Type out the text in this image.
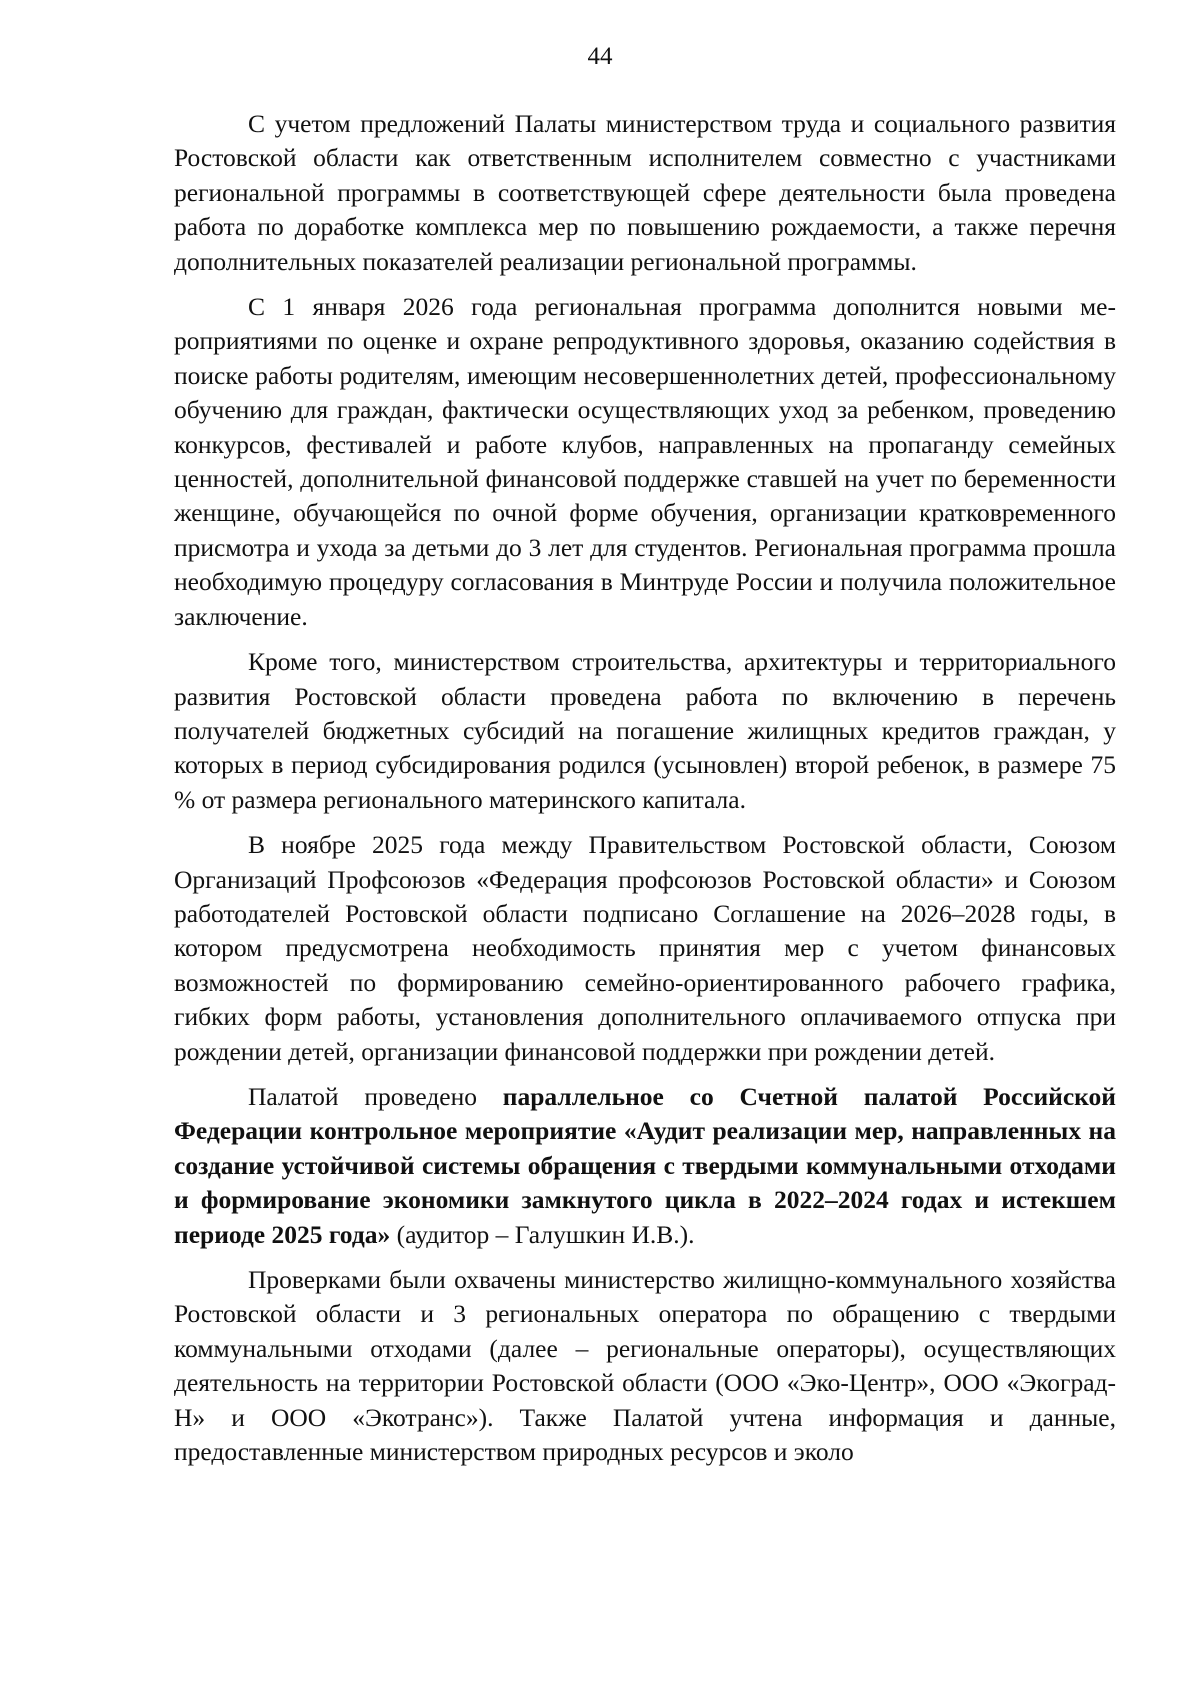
44

С учетом предложений Палаты министерством труда и социального развития Ростовской области как ответственным исполнителем совместно с участниками региональной программы в соответствующей сфере деятельности была проведена работа по доработке комплекса мер по повышению рождаемости, а также перечня дополнительных показателей реализации региональной программы.

С 1 января 2026 года региональная программа дополнится новыми мероприятиями по оценке и охране репродуктивного здоровья, оказанию содействия в поиске работы родителям, имеющим несовершеннолетних детей, профессиональному обучению для граждан, фактически осуществляющих уход за ребенком, проведению конкурсов, фестивалей и работе клубов, направленных на пропаганду семейных ценностей, дополнительной финансовой поддержке ставшей на учет по беременности женщине, обучающейся по очной форме обучения, организации кратковременного присмотра и ухода за детьми до 3 лет для студентов. Региональная программа прошла необходимую процедуру согласования в Минтруде России и получила положительное заключение.

Кроме того, министерством строительства, архитектуры и территориального развития Ростовской области проведена работа по включению в перечень получателей бюджетных субсидий на погашение жилищных кредитов граждан, у которых в период субсидирования родился (усыновлен) второй ребенок, в размере 75 % от размера регионального материнского капитала.

В ноябре 2025 года между Правительством Ростовской области, Союзом Организаций Профсоюзов «Федерация профсоюзов Ростовской области» и Союзом работодателей Ростовской области подписано Соглашение на 2026–2028 годы, в котором предусмотрена необходимость принятия мер с учетом финансовых возможностей по формированию семейно-ориентированного рабочего графика, гибких форм работы, установления дополнительного оплачиваемого отпуска при рождении детей, организации финансовой поддержки при рождении детей.

Палатой проведено параллельное со Счетной палатой Российской Федерации контрольное мероприятие «Аудит реализации мер, направленных на создание устойчивой системы обращения с твердыми коммунальными отходами и формирование экономики замкнутого цикла в 2022–2024 годах и истекшем периоде 2025 года» (аудитор – Галушкин И.В.).

Проверками были охвачены министерство жилищно-коммунального хозяйства Ростовской области и 3 региональных оператора по обращению с твердыми коммунальными отходами (далее – региональные операторы), осуществляющих деятельность на территории Ростовской области (ООО «Эко-Центр», ООО «Экоград-Н» и ООО «Экотранс»). Также Палатой учтена информация и данные, предоставленные министерством природных ресурсов и эколо
